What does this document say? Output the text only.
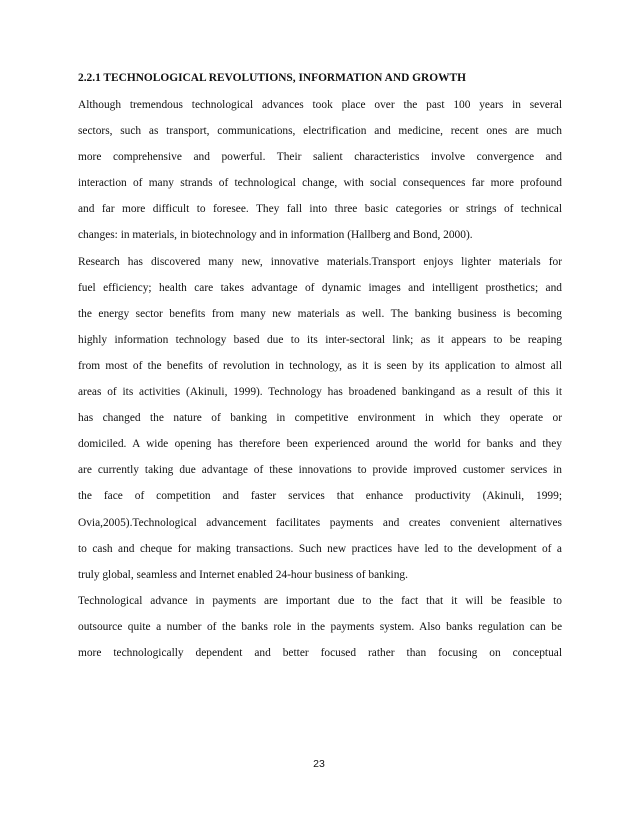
2.2.1 TECHNOLOGICAL REVOLUTIONS, INFORMATION AND GROWTH

Although tremendous technological advances took place over the past 100 years in several
sectors, such as transport, communications, electrification and medicine, recent ones are much
more comprehensive and powerful. Their salient characteristics involve convergence and
interaction of many strands of technological change, with social consequences far more profound
and far more difficult to foresee. They fall into three basic categories or strings of technical
changes: in materials, in biotechnology and in information (Hallberg and Bond, 2000).

Research has discovered many new, innovative materials.Transport enjoys lighter materials for
fuel efficiency; health care takes advantage of dynamic images and intelligent prosthetics; and
the energy sector benefits from many new materials as well. The banking business is becoming
highly information technology based due to its inter-sectoral link; as it appears to be reaping
from most of the benefits of revolution in technology, as it is seen by its application to almost all
areas of its activities (Akinuli, 1999). Technology has broadened bankingand as a result of this it
has changed the nature of banking in competitive environment in which they operate or
domiciled. A wide opening has therefore been experienced around the world for banks and they
are currently taking due advantage of these innovations to provide improved customer services in
the face of competition and faster services that enhance productivity (Akinuli, 1999;
Ovia,2005).Technological advancement facilitates payments and creates convenient alternatives
to cash and cheque for making transactions. Such new practices have led to the development of a
truly global, seamless and Internet enabled 24-hour business of banking.

Technological advance in payments are important due to the fact that it will be feasible to
outsource quite a number of the banks role in the payments system. Also banks regulation can be
more technologically dependent and better focused rather than focusing on conceptual

23
